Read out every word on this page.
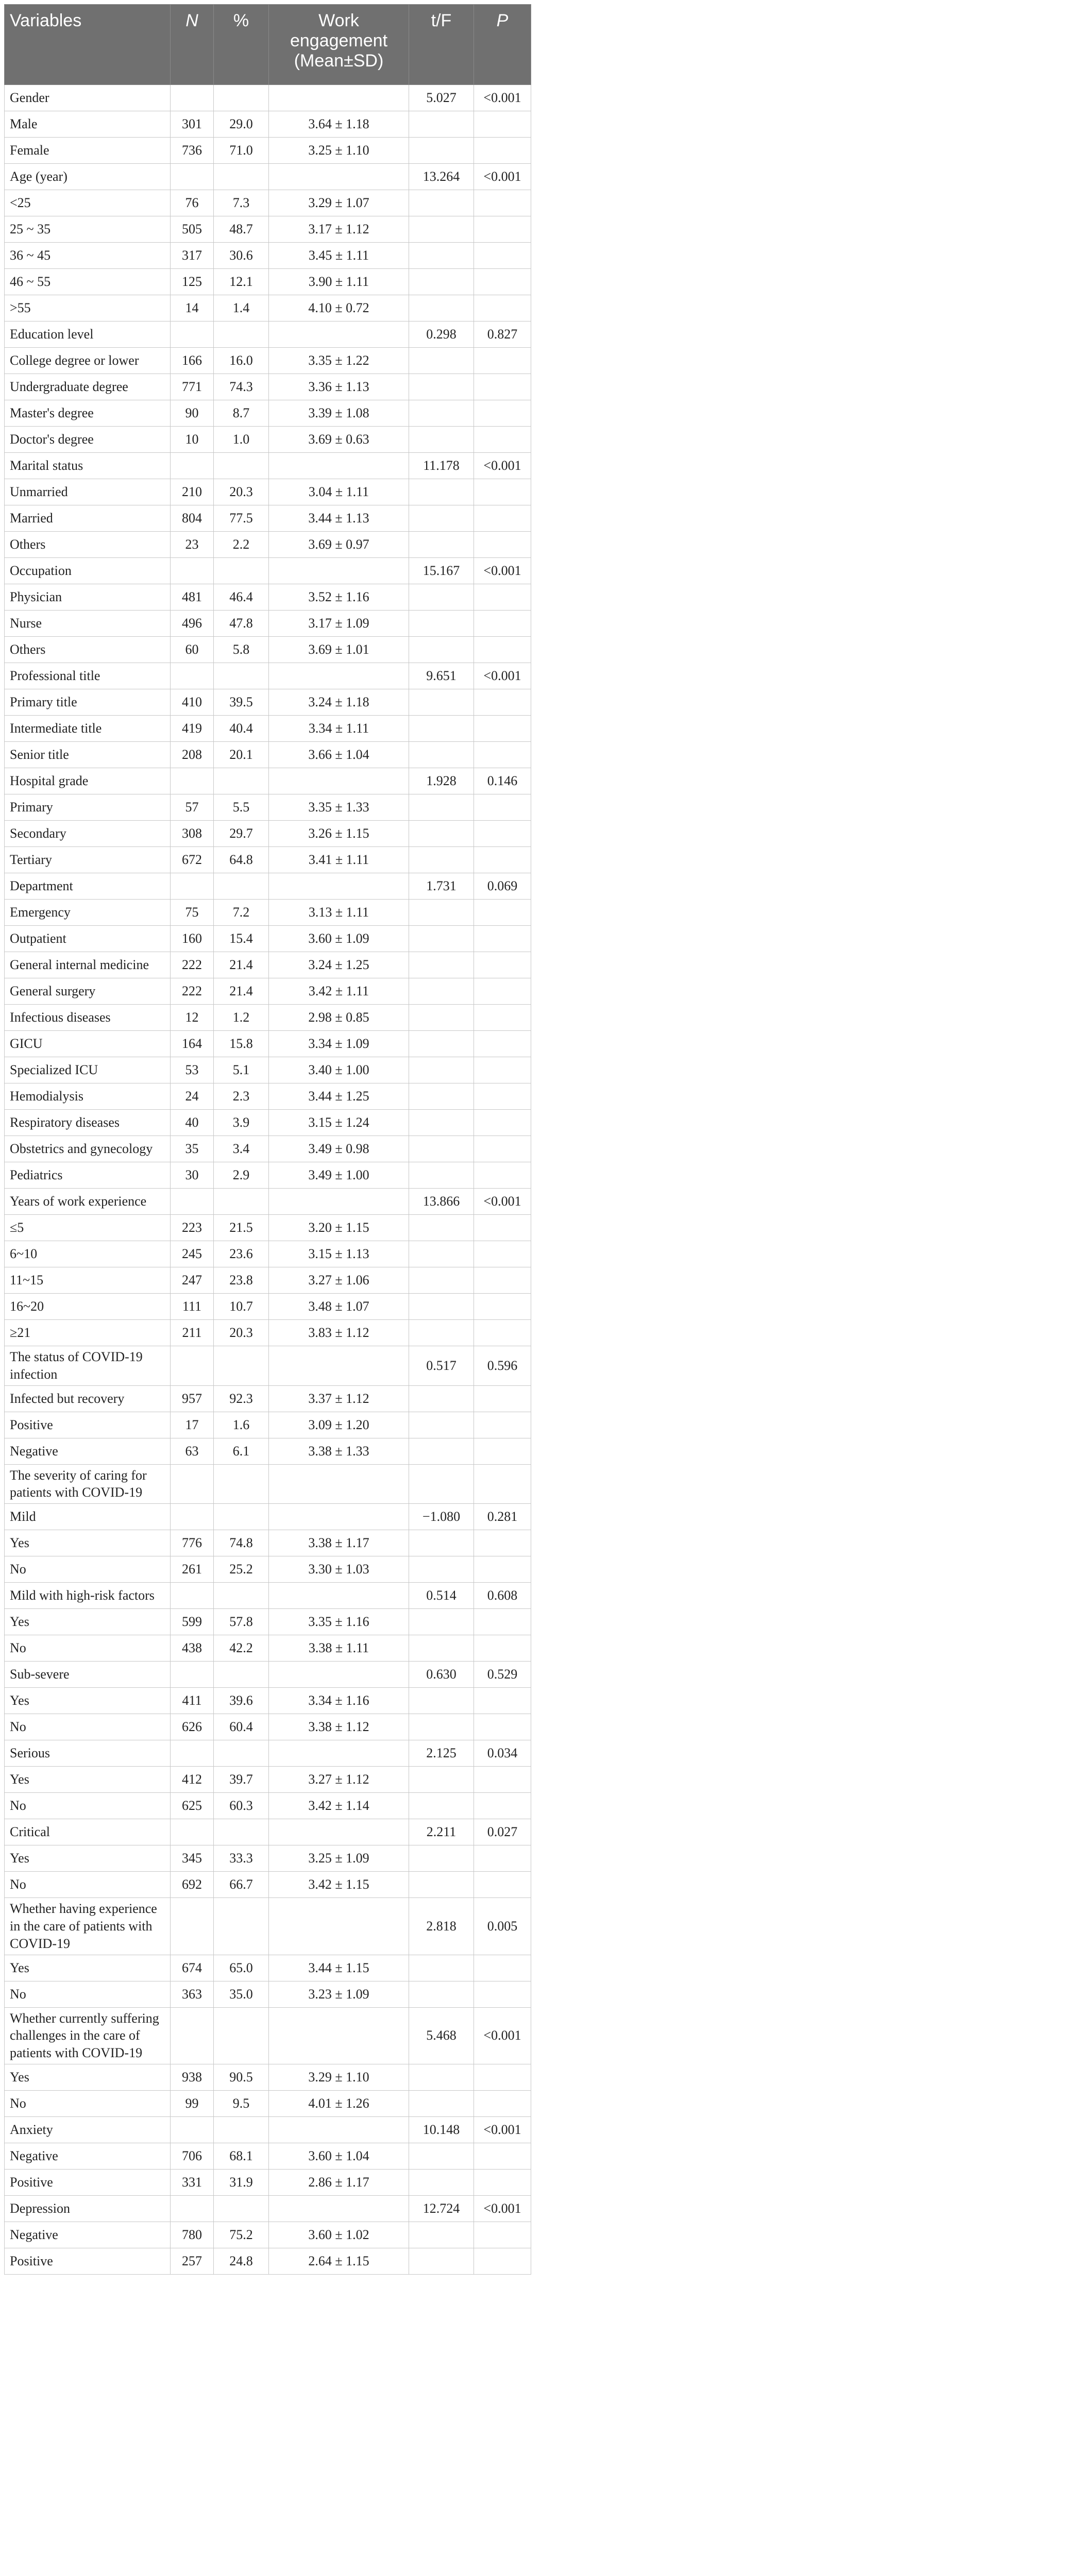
Variables	N	%	Work engagement (Mean±SD)	t/F	P
Gender				5.027	<0.001
Male	301	29.0	3.64 ± 1.18		
Female	736	71.0	3.25 ± 1.10		
Age (year)				13.264	<0.001
<25	76	7.3	3.29 ± 1.07		
25 ~ 35	505	48.7	3.17 ± 1.12		
36 ~ 45	317	30.6	3.45 ± 1.11		
46 ~ 55	125	12.1	3.90 ± 1.11		
>55	14	1.4	4.10 ± 0.72		
Education level				0.298	0.827
College degree or lower	166	16.0	3.35 ± 1.22		
Undergraduate degree	771	74.3	3.36 ± 1.13		
Master's degree	90	8.7	3.39 ± 1.08		
Doctor's degree	10	1.0	3.69 ± 0.63		
Marital status				11.178	<0.001
Unmarried	210	20.3	3.04 ± 1.11		
Married	804	77.5	3.44 ± 1.13		
Others	23	2.2	3.69 ± 0.97		
Occupation				15.167	<0.001
Physician	481	46.4	3.52 ± 1.16		
Nurse	496	47.8	3.17 ± 1.09		
Others	60	5.8	3.69 ± 1.01		
Professional title				9.651	<0.001
Primary title	410	39.5	3.24 ± 1.18		
Intermediate title	419	40.4	3.34 ± 1.11		
Senior title	208	20.1	3.66 ± 1.04		
Hospital grade				1.928	0.146
Primary	57	5.5	3.35 ± 1.33		
Secondary	308	29.7	3.26 ± 1.15		
Tertiary	672	64.8	3.41 ± 1.11		
Department				1.731	0.069
Emergency	75	7.2	3.13 ± 1.11		
Outpatient	160	15.4	3.60 ± 1.09		
General internal medicine	222	21.4	3.24 ± 1.25		
General surgery	222	21.4	3.42 ± 1.11		
Infectious diseases	12	1.2	2.98 ± 0.85		
GICU	164	15.8	3.34 ± 1.09		
Specialized ICU	53	5.1	3.40 ± 1.00		
Hemodialysis	24	2.3	3.44 ± 1.25		
Respiratory diseases	40	3.9	3.15 ± 1.24		
Obstetrics and gynecology	35	3.4	3.49 ± 0.98		
Pediatrics	30	2.9	3.49 ± 1.00		
Years of work experience				13.866	<0.001
≤5	223	21.5	3.20 ± 1.15		
6~10	245	23.6	3.15 ± 1.13		
11~15	247	23.8	3.27 ± 1.06		
16~20	111	10.7	3.48 ± 1.07		
≥21	211	20.3	3.83 ± 1.12		
The status of COVID-19 infection				0.517	0.596
Infected but recovery	957	92.3	3.37 ± 1.12		
Positive	17	1.6	3.09 ± 1.20		
Negative	63	6.1	3.38 ± 1.33		
The severity of caring for patients with COVID-19					
Mild				−1.080	0.281
Yes	776	74.8	3.38 ± 1.17		
No	261	25.2	3.30 ± 1.03		
Mild with high-risk factors				0.514	0.608
Yes	599	57.8	3.35 ± 1.16		
No	438	42.2	3.38 ± 1.11		
Sub-severe				0.630	0.529
Yes	411	39.6	3.34 ± 1.16		
No	626	60.4	3.38 ± 1.12		
Serious				2.125	0.034
Yes	412	39.7	3.27 ± 1.12		
No	625	60.3	3.42 ± 1.14		
Critical				2.211	0.027
Yes	345	33.3	3.25 ± 1.09		
No	692	66.7	3.42 ± 1.15		
Whether having experience in the care of patients with COVID-19				2.818	0.005
Yes	674	65.0	3.44 ± 1.15		
No	363	35.0	3.23 ± 1.09		
Whether currently suffering challenges in the care of patients with COVID-19				5.468	<0.001
Yes	938	90.5	3.29 ± 1.10		
No	99	9.5	4.01 ± 1.26		
Anxiety				10.148	<0.001
Negative	706	68.1	3.60 ± 1.04		
Positive	331	31.9	2.86 ± 1.17		
Depression				12.724	<0.001
Negative	780	75.2	3.60 ± 1.02		
Positive	257	24.8	2.64 ± 1.15		
